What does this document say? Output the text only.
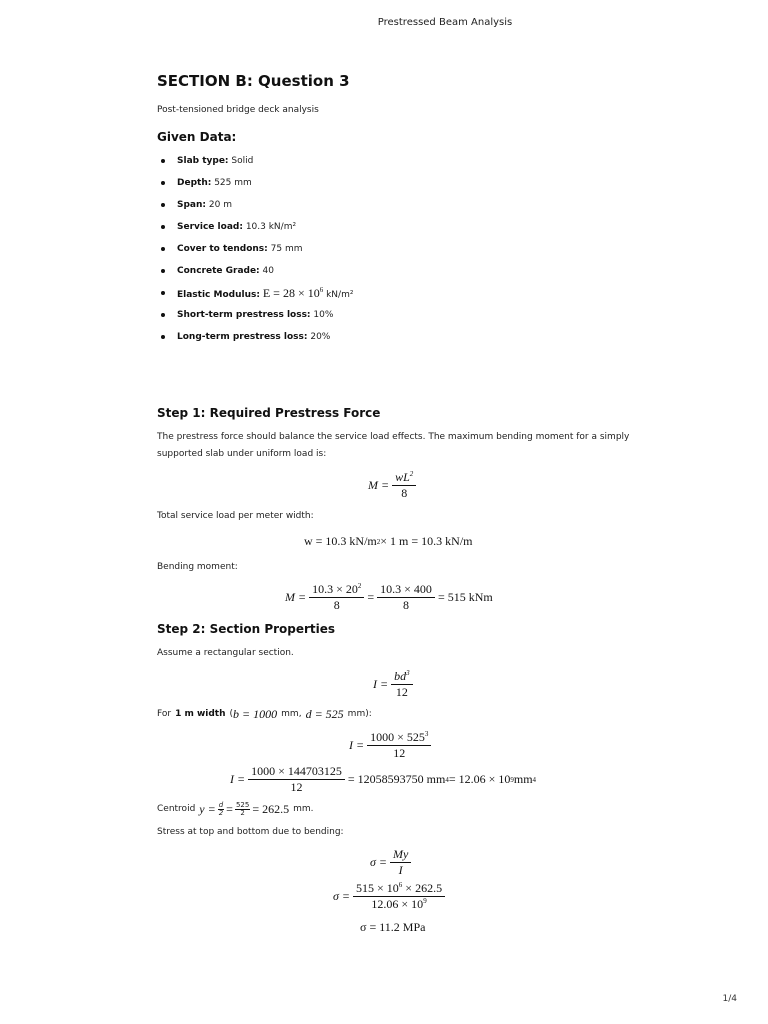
Prestressed Beam Analysis
SECTION B: Question 3
Post-tensioned bridge deck analysis
Given Data:
Slab type: Solid
Depth: 525 mm
Span: 20 m
Service load: 10.3 kN/m²
Cover to tendons: 75 mm
Concrete Grade: 40
Elastic Modulus: $E = 28 \times 10^6$ kN/m²
Short-term prestress loss: 10%
Long-term prestress loss: 20%
Step 1: Required Prestress Force
The prestress force should balance the service load effects. The maximum bending moment for a simply
supported slab under uniform load is:
$M = \frac{wL^2}{8}$
Total service load per meter width:
w = 10.3 kN/m 2 × 1 m = 10.3 kN/m
Bending moment:
$M = \frac{10.3 \times 20^2}{8} = \frac{10.3 \times 400}{8} = 515$ kNm
Step 2: Section Properties
Assume a rectangular section.
$I = \frac{bd^3}{12}$
For 1 m width ( b = 1000 mm, d = 525 mm):
$I = \frac{1000 \times 525^3}{12}$
$I = \frac{1000 \times 144703125}{12} = 12058593750$ mm 4 = 12.06 × 10 9 mm 4
Centroid $y = \frac{d}{2} = \frac{525}{2} = 262.5$ mm.
Stress at top and bottom due to bending:
$\sigma = \frac{My}{I}$
$\sigma = \frac{515 \times 10^6 \times 262.5}{12.06 \times 10^9}$
σ = 11.2 MPa
1/4
